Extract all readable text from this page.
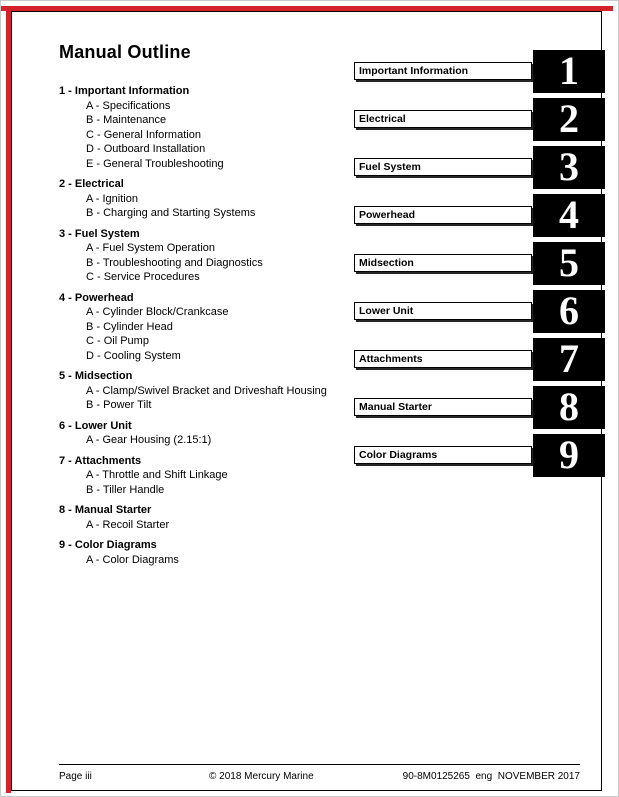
Manual Outline
1 - Important Information
A - Specifications
B - Maintenance
C - General Information
D - Outboard Installation
E - General Troubleshooting
2 - Electrical
A - Ignition
B - Charging and Starting Systems
3 - Fuel System
A - Fuel System Operation
B - Troubleshooting and Diagnostics
C - Service Procedures
4 - Powerhead
A - Cylinder Block/Crankcase
B - Cylinder Head
C - Oil Pump
D - Cooling System
5 - Midsection
A - Clamp/Swivel Bracket and Driveshaft Housing
B - Power Tilt
6 - Lower Unit
A - Gear Housing (2.15:1)
7 - Attachments
A - Throttle and Shift Linkage
B - Tiller Handle
8 - Manual Starter
A - Recoil Starter
9 - Color Diagrams
A - Color Diagrams
Important Information	1
Electrical	2
Fuel System	3
Powerhead	4
Midsection	5
Lower Unit	6
Attachments	7
Manual Starter	8
Color Diagrams	9
Page iii	© 2018 Mercury Marine	90-8M0125265  eng  NOVEMBER 2017
